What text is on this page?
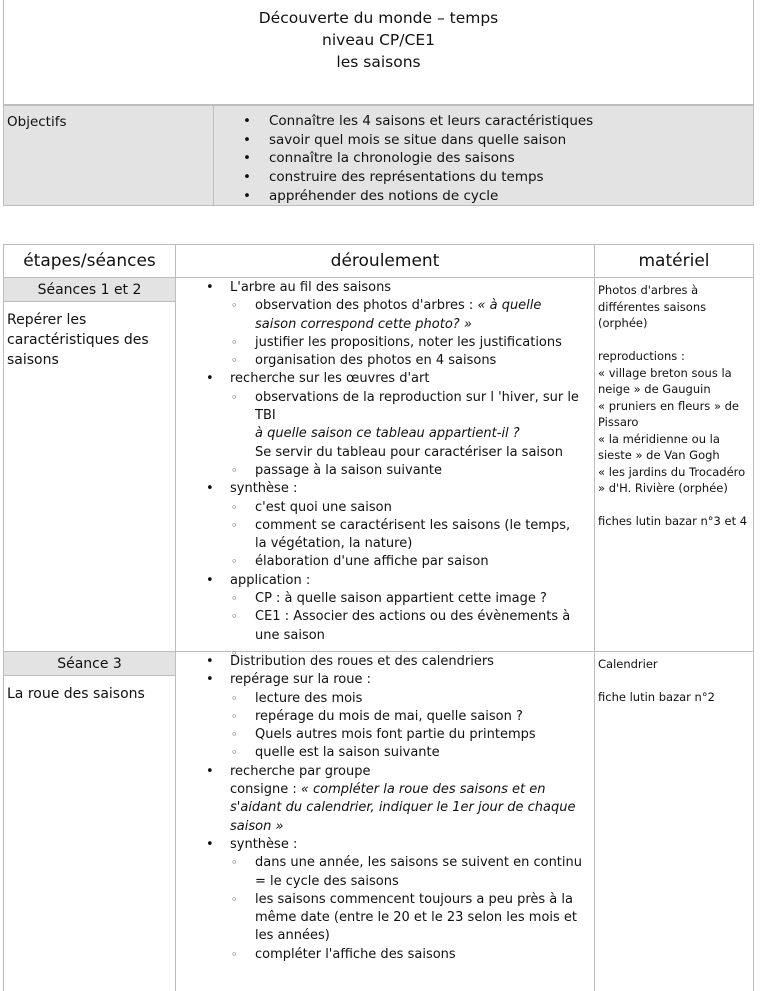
Découverte du monde – temps
niveau CP/CE1
les saisons
Objectifs
•	Connaître les 4 saisons et leurs caractéristiques
• savoir quel mois se situe dans quelle saison
• connaître la chronologie des saisons
• construire des représentations du temps
• appréhender des notions de cycle
étapes/séances	déroulement	matériel
Séances 1 et 2
Repérer les caractéristiques des saisons
• L'arbre au fil des saisons
◦ observation des photos d'arbres : « à quelle saison correspond cette photo? »
◦ justifier les propositions, noter les justifications
◦ organisation des photos en 4 saisons
• recherche sur les œuvres d'art
◦ observations de la reproduction sur l 'hiver, sur le TBI
à quelle saison ce tableau appartient-il ?
Se servir du tableau pour caractériser la saison
◦ passage à la saison suivante
• synthèse :
◦ c'est quoi une saison
◦ comment se caractérisent les saisons (le temps, la végétation, la nature)
◦ élaboration d'une affiche par saison
• application :
◦ CP : à quelle saison appartient cette image ?
◦ CE1 : Associer des actions ou des évènements à une saison
◦

Photos d'arbres à différentes saisons (orphée)

reproductions :

« village breton sous la neige » de Gauguin

« pruniers en fleurs » de Pissaro

« la méridienne ou la sieste » de Van Gogh

« les jardins du Trocadéro » d'H. Rivière (orphée)

fiches lutin bazar n°3 et 4

Séance 3
La roue des saisons
• Distribution des roues et des calendriers
• repérage sur la roue :
◦ lecture des mois
◦ repérage du mois de mai, quelle saison ?
◦ Quels autres mois font partie du printemps
◦ quelle est la saison suivante
• recherche par groupe
consigne : « compléter la roue des saisons et en s'aidant du calendrier, indiquer le 1er jour de chaque saison »
• synthèse :
◦ dans une année, les saisons se suivent en continu = le cycle des saisons
◦ les saisons commencent toujours a peu près à la même date (entre le 20 et le 23 selon les mois et les années)
◦ compléter l'affiche des saisons

Calendrier

fiche lutin bazar n°2
